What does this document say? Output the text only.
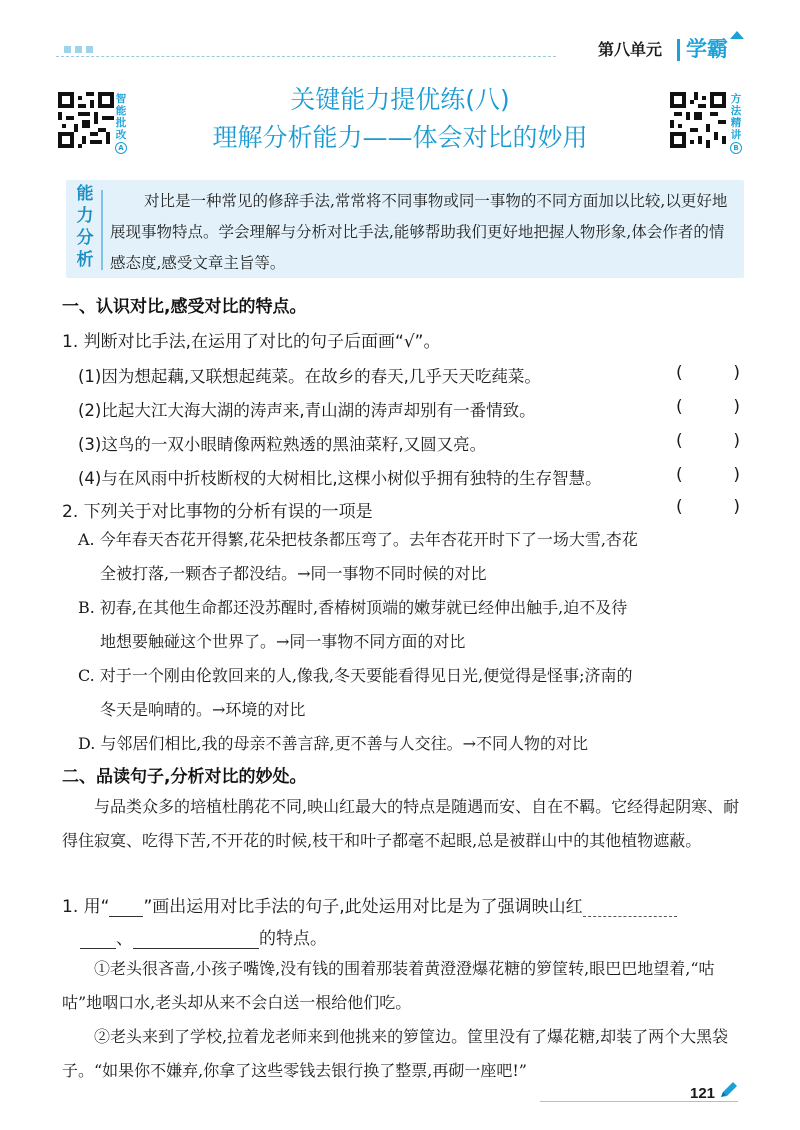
第八单元 学霸
智
能
批
改
A
方
法
精
讲
B
关键能力提优练(八)
理解分析能力——体会对比的妙用
能
力
分
析
对比是一种常见的修辞手法,常常将不同事物或同一事物的不同方面加以比较,以更好地展现事物特点。学会理解与分析对比手法,能够帮助我们更好地把握人物形象,体会作者的情感态度,感受文章主旨等。
一、认识对比,感受对比的特点。
1. 判断对比手法,在运用了对比的句子后面画“√”。
(1)因为想起藕,又联想起莼菜。在故乡的春天,几乎天天吃莼菜。	(	)
(2)比起大江大海大湖的涛声来,青山湖的涛声却别有一番情致。	(	)
(3)这鸟的一双小眼睛像两粒熟透的黑油菜籽,又圆又亮。	(	)
(4)与在风雨中折枝断杈的大树相比,这棵小树似乎拥有独特的生存智慧。	(	)
2. 下列关于对比事物的分析有误的一项是	(	)
A. 今年春天杏花开得繁,花朵把枝条都压弯了。去年杏花开时下了一场大雪,杏花
全被打落,一颗杏子都没结。→同一事物不同时候的对比
B. 初春,在其他生命都还没苏醒时,香椿树顶端的嫩芽就已经伸出触手,迫不及待
地想要触碰这个世界了。→同一事物不同方面的对比
C. 对于一个刚由伦敦回来的人,像我,冬天要能看得见日光,便觉得是怪事;济南的
冬天是响晴的。→环境的对比
D. 与邻居们相比,我的母亲不善言辞,更不善与人交往。→不同人物的对比
二、品读句子,分析对比的妙处。
与品类众多的培植杜鹃花不同,映山红最大的特点是随遇而安、自在不羁。它经得起阴寒、耐得住寂寞、吃得下苦,不开花的时候,枝干和叶子都毫不起眼,总是被群山中的其他植物遮蔽。
1. 用“ ”画出运用对比手法的句子,此处运用对比是为了强调映山红
、	的特点。
①老头很吝啬,小孩子嘴馋,没有钱的围着那装着黄澄澄爆花糖的箩筐转,眼巴巴地望着,“咕咕”地咽口水,老头却从来不会白送一根给他们吃。
②老头来到了学校,拉着龙老师来到他挑来的箩筐边。筐里没有了爆花糖,却装了两个大黑袋子。“如果你不嫌弃,你拿了这些零钱去银行换了整票,再砌一座吧!”
121
